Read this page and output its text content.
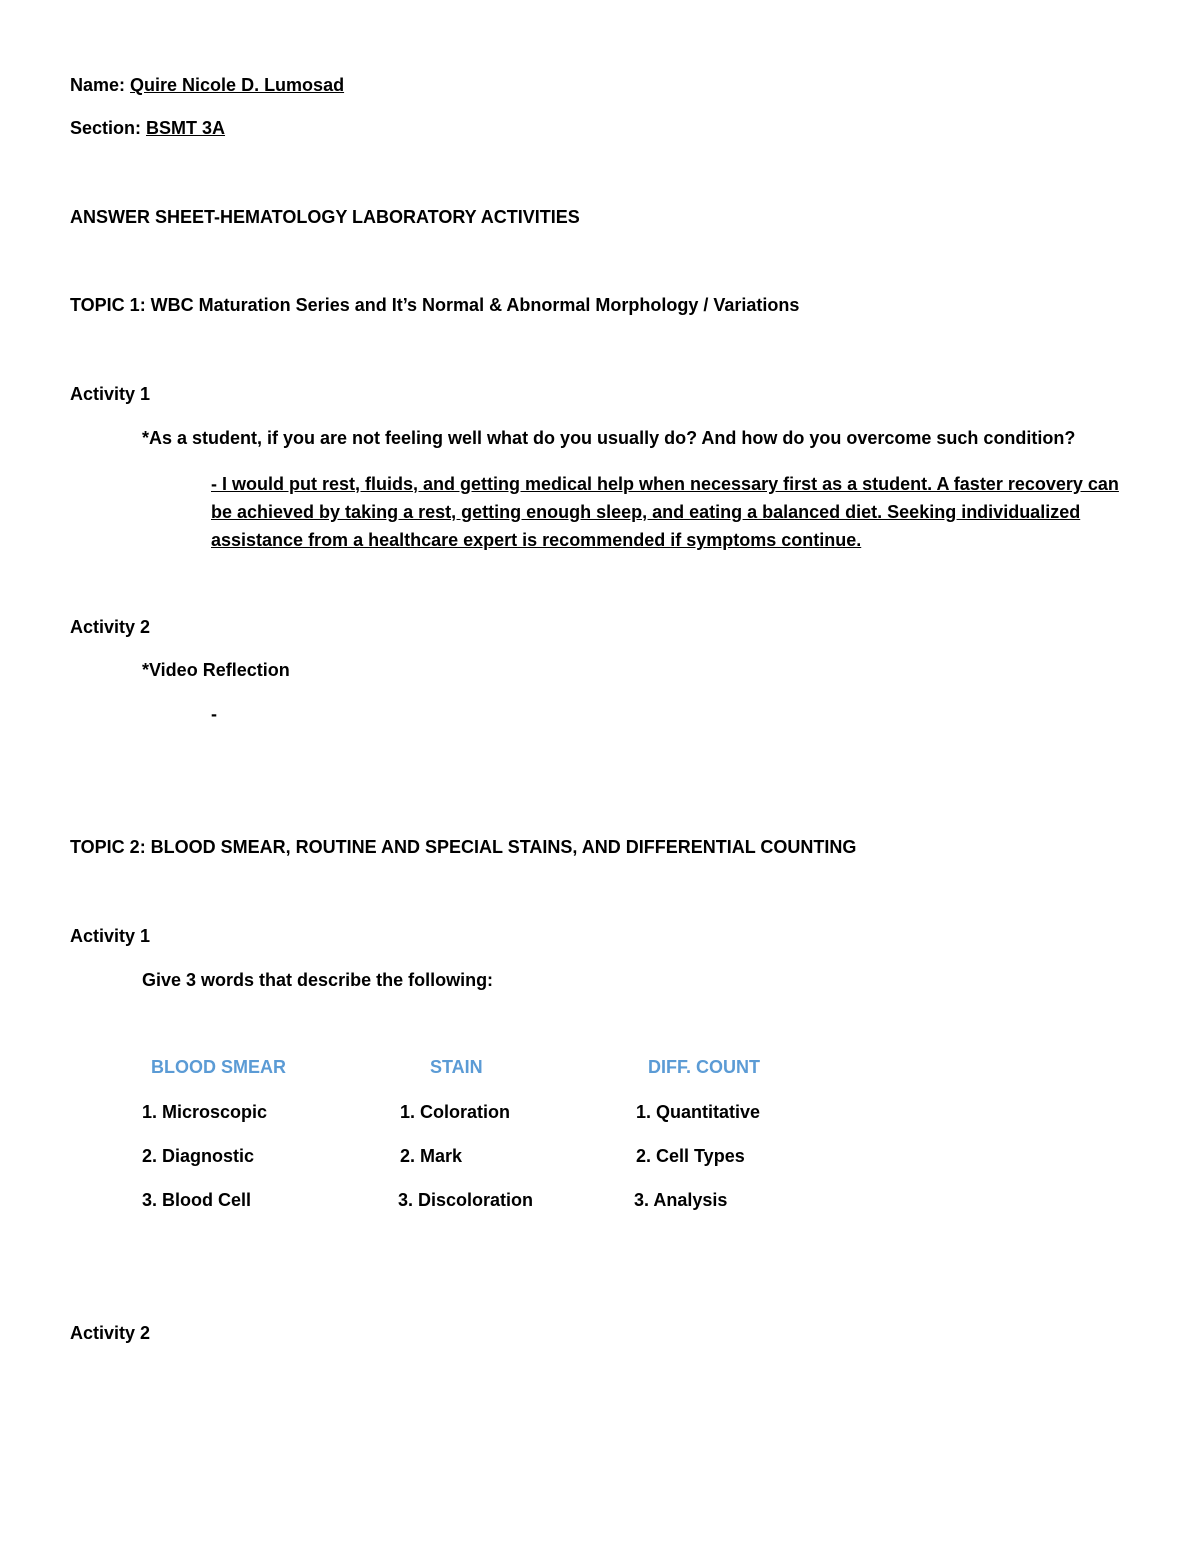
Name: Quire Nicole D. Lumosad
Section: BSMT 3A
ANSWER SHEET-HEMATOLOGY LABORATORY ACTIVITIES
TOPIC 1: WBC Maturation Series and It’s Normal & Abnormal Morphology / Variations
Activity 1
*As a student, if you are not feeling well what do you usually do? And how do you overcome such condition?
- I would put rest, fluids, and getting medical help when necessary first as a student. A faster recovery can be achieved by taking a rest, getting enough sleep, and eating a balanced diet. Seeking individualized assistance from a healthcare expert is recommended if symptoms continue.
Activity 2
*Video Reflection
-
TOPIC 2: BLOOD SMEAR, ROUTINE AND SPECIAL STAINS, AND DIFFERENTIAL COUNTING
Activity 1
Give 3 words that describe the following:
BLOOD SMEAR
1. Microscopic
2. Diagnostic
3. Blood Cell
STAIN
1. Coloration
2. Mark
3. Discoloration
DIFF. COUNT
1. Quantitative
2. Cell Types
3. Analysis
Activity 2
